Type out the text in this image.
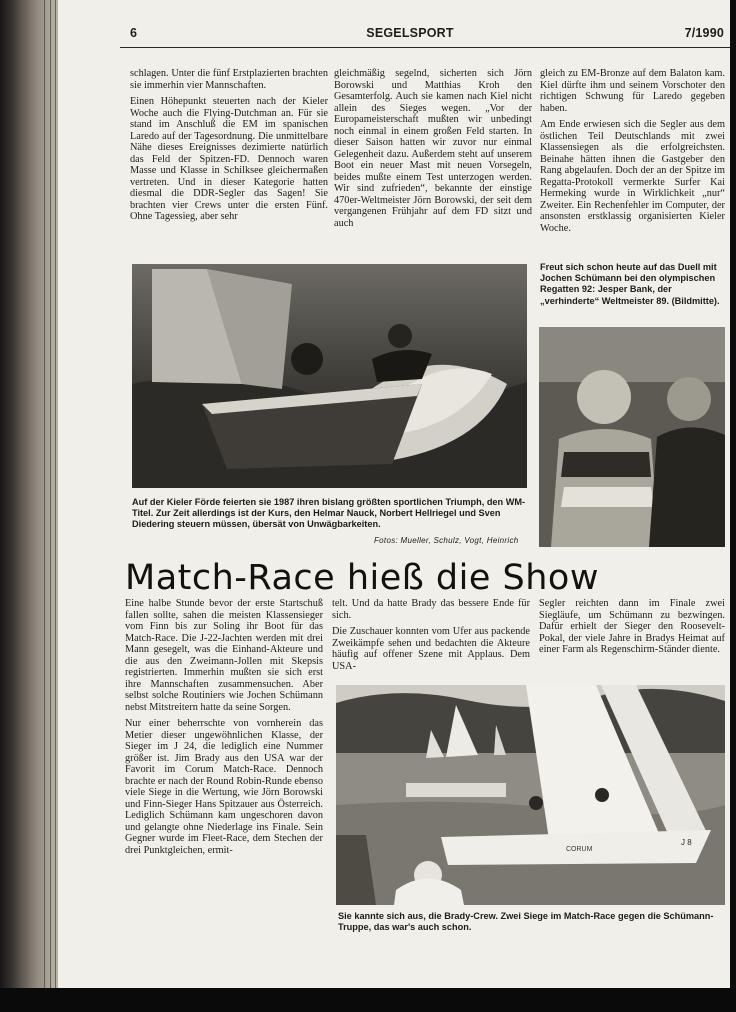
6	SEGELSPORT	7/1990

schlagen. Unter die fünf Erstplazierten brachten sie immerhin vier Mannschaften.

Einen Höhepunkt steuerten nach der Kieler Woche auch die Flying-Dutchman an. Für sie stand im Anschluß die EM im spanischen Laredo auf der Tagesordnung. Die unmittelbare Nähe dieses Ereignisses dezimierte natürlich das Feld der Spitzen-FD. Dennoch waren Masse und Klasse in Schilksee gleichermaßen vertreten. Und in dieser Kategorie hatten diesmal die DDR-Segler das Sagen! Sie brachten vier Crews unter die ersten Fünf. Ohne Tagessieg, aber sehr

gleichmäßig segelnd, sicherten sich Jörn Borowski und Matthias Kroh den Gesamterfolg. Auch sie kamen nach Kiel nicht allein des Sieges wegen. „Vor der Europameisterschaft mußten wir unbedingt noch einmal in einem großen Feld starten. In dieser Saison hatten wir zuvor nur einmal Gelegenheit dazu. Außerdem steht auf unserem Boot ein neuer Mast mit neuen Vorsegeln, beides mußte einem Test unterzogen werden. Wir sind zufrieden“, bekannte der einstige 470er-Weltmeister Jörn Borowski, der seit dem vergangenen Frühjahr auf dem FD sitzt und auch

gleich zu EM-Bronze auf dem Balaton kam. Kiel dürfte ihm und seinem Vorschoter den richtigen Schwung für Laredo gegeben haben.

Am Ende erwiesen sich die Segler aus dem östlichen Teil Deutschlands mit zwei Klassensiegen als die erfolgreichsten. Beinahe hätten ihnen die Gastgeber den Rang abgelaufen. Doch der an der Spitze im Regatta-Protokoll vermerkte Surfer Kai Hermeking wurde in Wirklichkeit „nur“ Zweiter. Ein Rechenfehler im Computer, der ansonsten erstklassig organisierten Kieler Woche.

Freut sich schon heute auf das Duell mit Jochen Schümann bei den olympischen Regatten 92: Jesper Bank, der „verhinderte“ Weltmeister 89. (Bildmitte).
Auf der Kieler Förde feierten sie 1987 ihren bislang größten sportlichen Triumph, den WM-Titel. Zur Zeit allerdings ist der Kurs, den Helmar Nauck, Norbert Hellriegel und Sven Diedering steuern müssen, übersät von Unwägbarkeiten.
Fotos: Mueller, Schulz, Vogt, Heinrich
Match-Race hieß die Show

Eine halbe Stunde bevor der erste Startschuß fallen sollte, sahen die meisten Klassensieger vom Finn bis zur Soling ihr Boot für das Match-Race. Die J-22-Jachten werden mit drei Mann gesegelt, was die Einhand-Akteure und die aus den Zweimann-Jollen mit Skepsis registrierten. Immerhin mußten sie sich erst ihre Mannschaften zusammensuchen. Aber selbst solche Routiniers wie Jochen Schümann nebst Mitstreitern hatte da seine Sorgen.

Nur einer beherrschte von vornherein das Metier dieser ungewöhnlichen Klasse, der Sieger im J 24, die lediglich eine Nummer größer ist. Jim Brady aus den USA war der Favorit im Corum Match-Race. Dennoch brachte er nach der Round Robin-Runde ebenso viele Siege in die Wertung, wie Jörn Borowski und Finn-Sieger Hans Spitzauer aus Österreich. Lediglich Schümann kam ungeschoren davon und gelangte ohne Niederlage ins Finale. Sein Gegner wurde im Fleet-Race, dem Stechen der drei Punktgleichen, ermit-

telt. Und da hatte Brady das bessere Ende für sich.

Die Zuschauer konnten vom Ufer aus packende Zweikämpfe sehen und bedachten die Akteure häufig auf offener Szene mit Applaus. Dem USA-

Segler reichten dann im Finale zwei Siegläufe, um Schümann zu bezwingen. Dafür erhielt der Sieger den Roosevelt-Pokal, der viele Jahre in Bradys Heimat auf einer Farm als Regenschirm-Ständer diente.

CORUM
J 8
Sie kannte sich aus, die Brady-Crew. Zwei Siege im Match-Race gegen die Schümann-Truppe, das war's auch schon.
